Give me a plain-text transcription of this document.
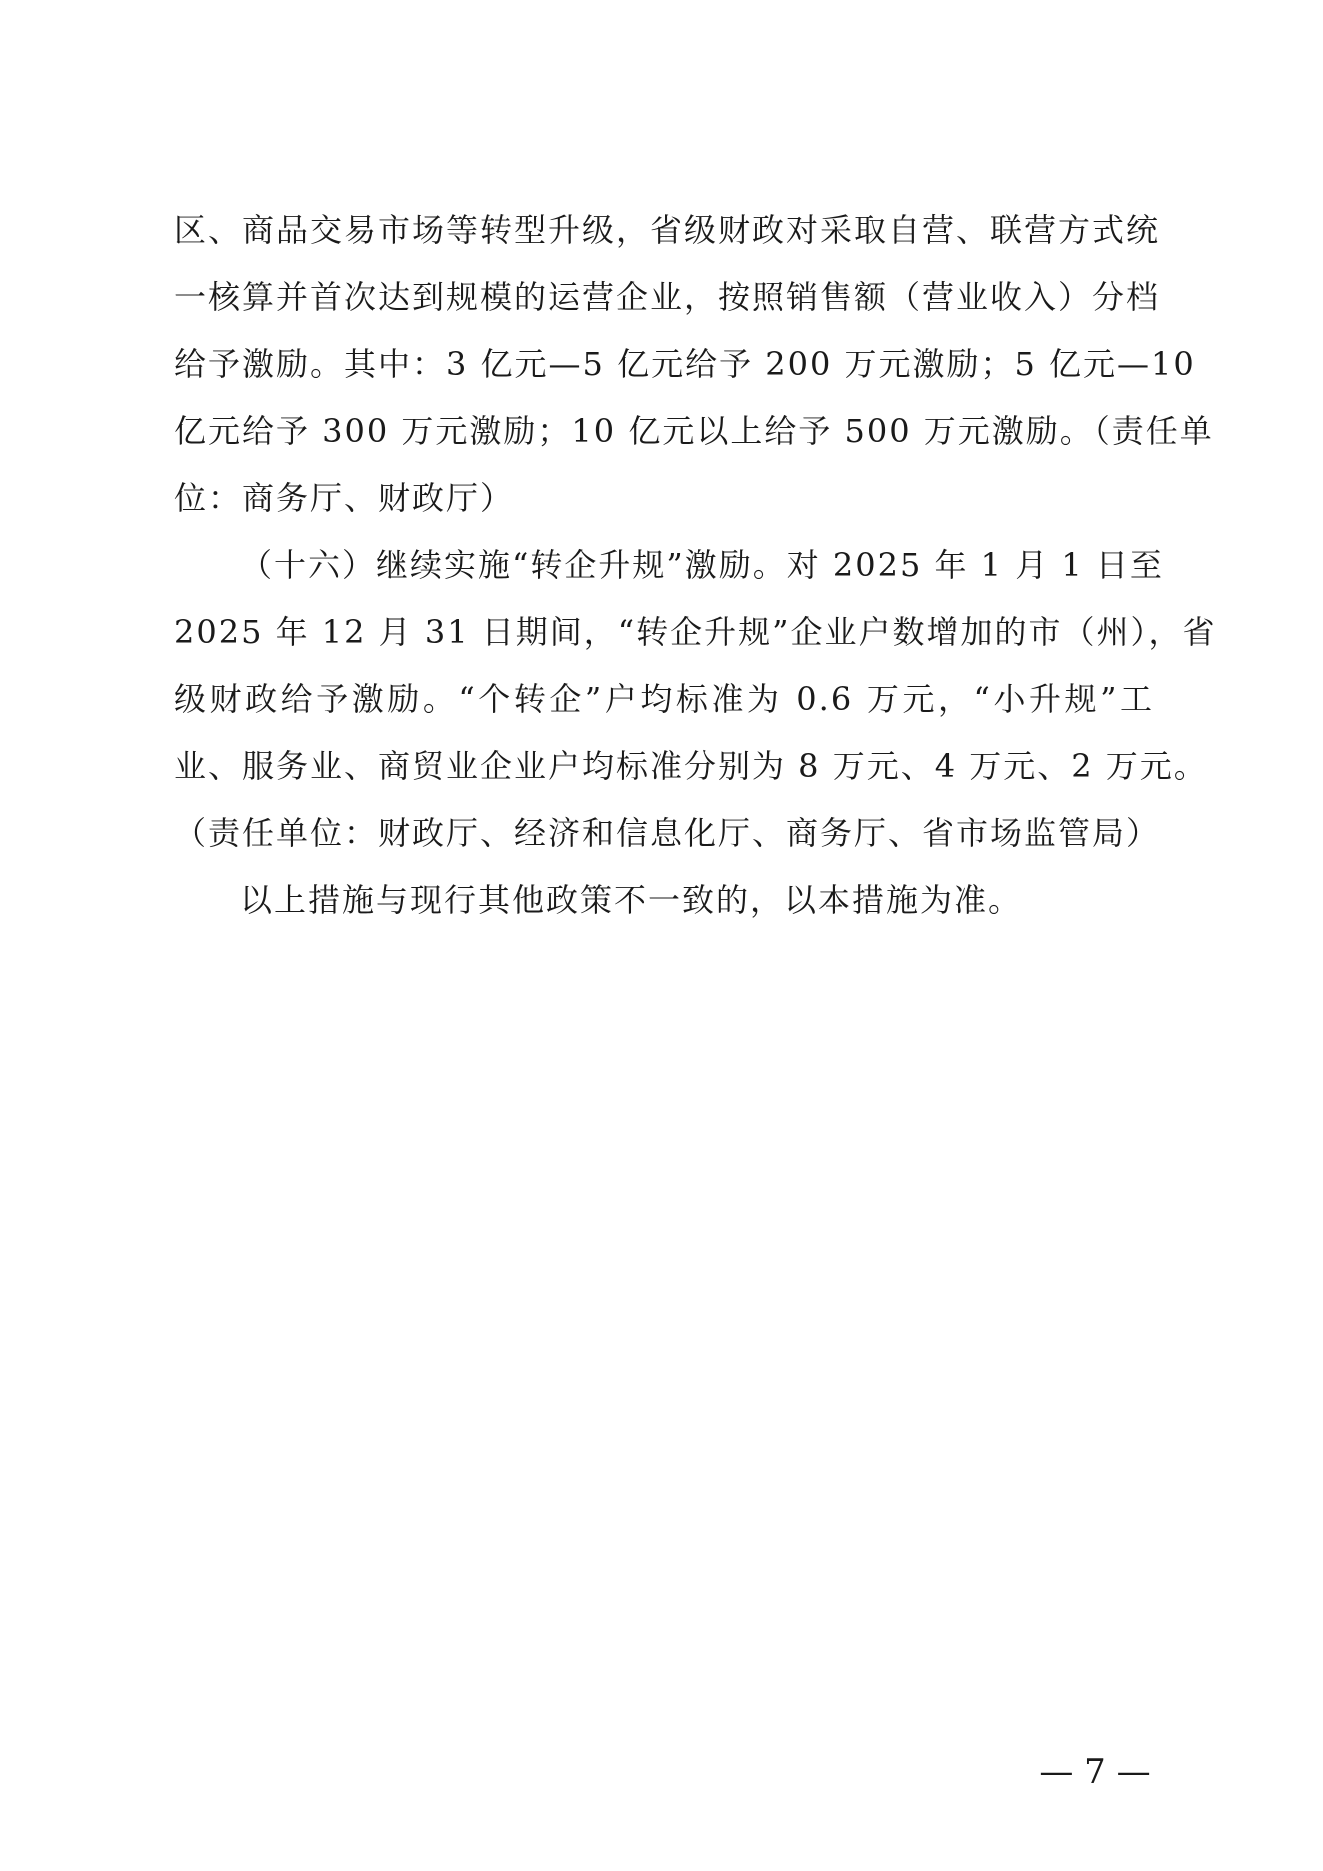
区、商品交易市场等转型升级，省级财政对采取自营、联营方式统
一核算并首次达到规模的运营企业，按照销售额（营业收入）分档
给予激励。其中：3 亿元—5 亿元给予 200 万元激励；5 亿元—10
亿元给予 300 万元激励；10 亿元以上给予 500 万元激励。（责任单
位：商务厅、财政厅）
（十六）继续实施“转企升规”激励。对 2025 年 1 月 1 日至
2025 年 12 月 31 日期间，“转企升规”企业户数增加的市（州），省
级财政给予激励。“个转企”户均标准为 0.6 万元，“小升规”工
业、服务业、商贸业企业户均标准分别为 8 万元、4 万元、2 万元。
（责任单位：财政厅、经济和信息化厅、商务厅、省市场监管局）
以上措施与现行其他政策不一致的，以本措施为准。
— 7 —
